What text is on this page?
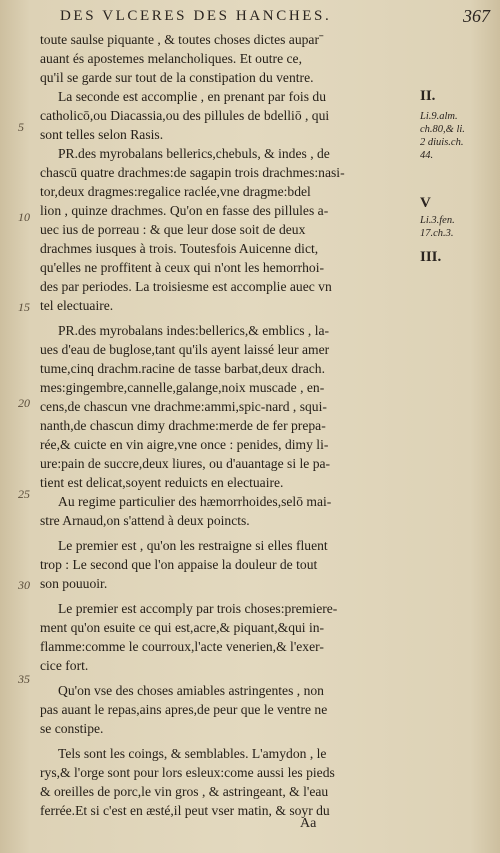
DES VLCERES DES HANCHES.	367
toute saulse piquante , & toutes choses dictes auparˉ
auant és apostemes melancholiques. Et outre ce,
qu'il se garde sur tout de la constipation du ventre.
La seconde est accomplie , en prenant par fois du
catholicō,ou Diacassia,ou des pillules de bdelliō , qui
sont telles selon Rasis.
PR.des myrobalans bellerics,chebuls, & indes , de
chascū quatre drachmes:de sagapin trois drachmes:nasi-
tor,deux dragmes:regalice raclée,vne dragme:bdel
lion , quinze drachmes. Qu'on en fasse des pillules a-
uec ius de porreau : & que leur dose soit de deux
drachmes iusques à trois. Toutesfois Auicenne dict,
qu'elles ne proffitent à ceux qui n'ont les hemorrhoi-
des par periodes. La troisiesme est accomplie auec vn
tel electuaire.
PR.des myrobalans indes:bellerics,& emblics , la-
ues d'eau de buglose,tant qu'ils ayent laissé leur amer
tume,cinq drachm.racine de tasse barbat,deux drach.
mes:gingembre,cannelle,galange,noix muscade , en-
cens,de chascun vne drachme:ammi,spic-nard , squi-
nanth,de chascun dimy drachme:merde de fer prepa-
rée,& cuicte en vin aigre,vne once : penides, dimy li-
ure:pain de succre,deux liures, ou d'auantage si le pa-
tient est delicat,soyent reduicts en electuaire.
Au regime particulier des hæmorrhoides,selō mai-
stre Arnaud,on s'attend à deux poincts.
Le premier est , qu'on les restraigne si elles fluent
trop : Le second que l'on appaise la douleur de tout
son pouuoir.
Le premier est accomply par trois choses:premiere-
ment qu'on esuite ce qui est,acre,& piquant,&qui in-
flamme:comme le courroux,l'acte venerien,& l'exer-
cice fort.
Qu'on vse des choses amiables astringentes , non
pas auant le repas,ains apres,de peur que le ventre ne
se constipe.
Tels sont les coings, & semblables. L'amydon , le
rys,& l'orge sont pour lors esleux:come aussi les pieds
& oreilles de porc,le vin gros , & astringeant, & l'eau
ferrée.Et si c'est en æsté,il peut vser matin, & soyr du
II.
Li.9.alm.
ch.80,& li.
2 diuis.ch.
44.
V
Li.3.fen.
17.ch.3.
III.
5
10
15
20
25
30
35
Aa
